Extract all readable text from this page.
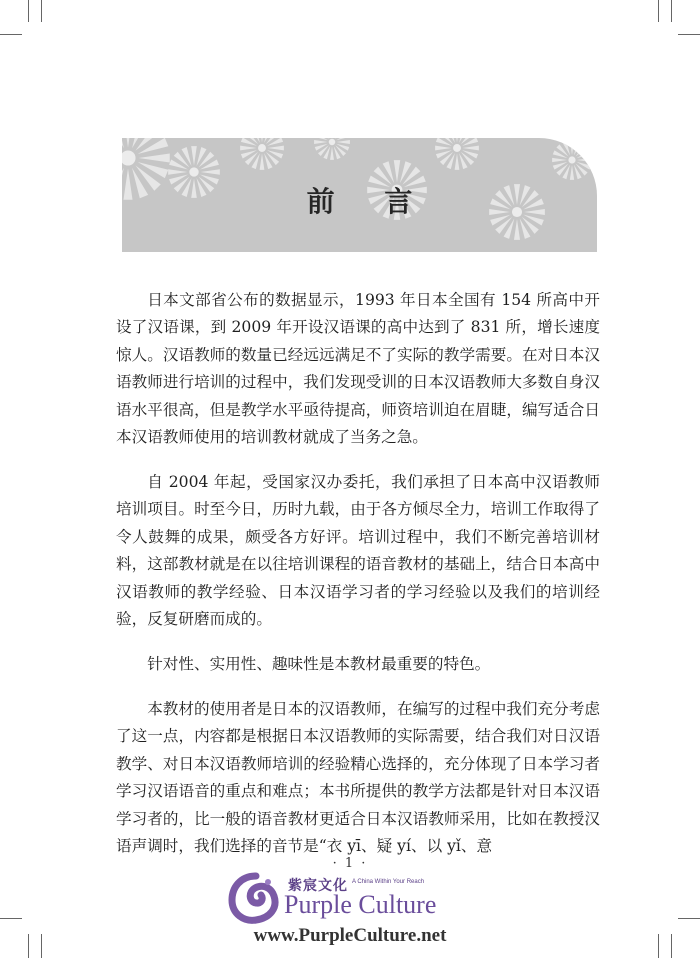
前 言

日本文部省公布的数据显示，1993 年日本全国有 154 所高中开设了汉语课，到 2009 年开设汉语课的高中达到了 831 所，增长速度惊人。汉语教师的数量已经远远满足不了实际的教学需要。在对日本汉语教师进行培训的过程中，我们发现受训的日本汉语教师大多数自身汉语水平很高，但是教学水平亟待提高，师资培训迫在眉睫，编写适合日本汉语教师使用的培训教材就成了当务之急。

自 2004 年起，受国家汉办委托，我们承担了日本高中汉语教师培训项目。时至今日，历时九载，由于各方倾尽全力，培训工作取得了令人鼓舞的成果，颇受各方好评。培训过程中，我们不断完善培训材料，这部教材就是在以往培训课程的语音教材的基础上，结合日本高中汉语教师的教学经验、日本汉语学习者的学习经验以及我们的培训经验，反复研磨而成的。

针对性、实用性、趣味性是本教材最重要的特色。

本教材的使用者是日本的汉语教师，在编写的过程中我们充分考虑了这一点，内容都是根据日本汉语教师的实际需要，结合我们对日汉语教学、对日本汉语教师培训的经验精心选择的，充分体现了日本学习者学习汉语语音的重点和难点；本书所提供的教学方法都是针对日本汉语学习者的，比一般的语音教材更适合日本汉语教师采用，比如在教授汉语声调时，我们选择的音节是“衣 yī、疑 yí、以 yǐ、意

· 1 ·
紫宸文化 A China Within Your Reach
Purple Culture
www.PurpleCulture.net
